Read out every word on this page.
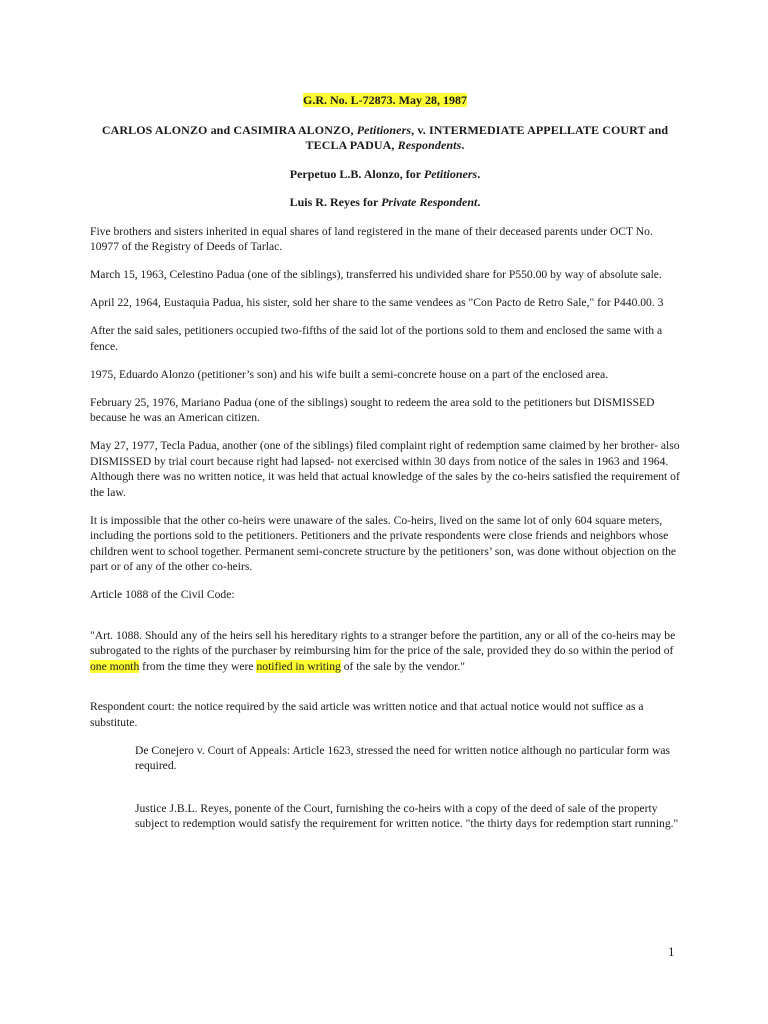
G.R. No. L-72873. May 28, 1987
CARLOS ALONZO and CASIMIRA ALONZO, Petitioners, v. INTERMEDIATE APPELLATE COURT and TECLA PADUA, Respondents.
Perpetuo L.B. Alonzo, for Petitioners.
Luis R. Reyes for Private Respondent.

Five brothers and sisters inherited in equal shares of land registered in the mane of their deceased parents under OCT No. 10977 of the Registry of Deeds of Tarlac.

March 15, 1963, Celestino Padua (one of the siblings), transferred his undivided share for P550.00 by way of absolute sale.

April 22, 1964, Eustaquia Padua, his sister, sold her share to the same vendees as "Con Pacto de Retro Sale," for P440.00. 3

After the said sales, petitioners occupied two-fifths of the said lot of the portions sold to them and enclosed the same with a fence.

1975, Eduardo Alonzo (petitioner’s son) and his wife built a semi-concrete house on a part of the enclosed area.

February 25, 1976, Mariano Padua (one of the siblings) sought to redeem the area sold to the petitioners but DISMISSED because he was an American citizen.

May 27, 1977, Tecla Padua, another (one of the siblings) filed complaint right of redemption same claimed by her brother- also DISMISSED by trial court because right had lapsed- not exercised within 30 days from notice of the sales in 1963 and 1964. Although there was no written notice, it was held that actual knowledge of the sales by the co-heirs satisfied the requirement of the law.

It is impossible that the other co-heirs were unaware of the sales. Co-heirs, lived on the same lot of only 604 square meters, including the portions sold to the petitioners. Petitioners and the private respondents were close friends and neighbors whose children went to school together. Permanent semi-concrete structure by the petitioners’ son, was done without objection on the part or of any of the other co-heirs.

Article 1088 of the Civil Code:

"Art. 1088. Should any of the heirs sell his hereditary rights to a stranger before the partition, any or all of the co-heirs may be subrogated to the rights of the purchaser by reimbursing him for the price of the sale, provided they do so within the period of one month from the time they were notified in writing of the sale by the vendor."

Respondent court: the notice required by the said article was written notice and that actual notice would not suffice as a substitute.

De Conejero v. Court of Appeals: Article 1623, stressed the need for written notice although no particular form was required.

Justice J.B.L. Reyes, ponente of the Court, furnishing the co-heirs with a copy of the deed of sale of the property subject to redemption would satisfy the requirement for written notice. "the thirty days for redemption start running."

1
